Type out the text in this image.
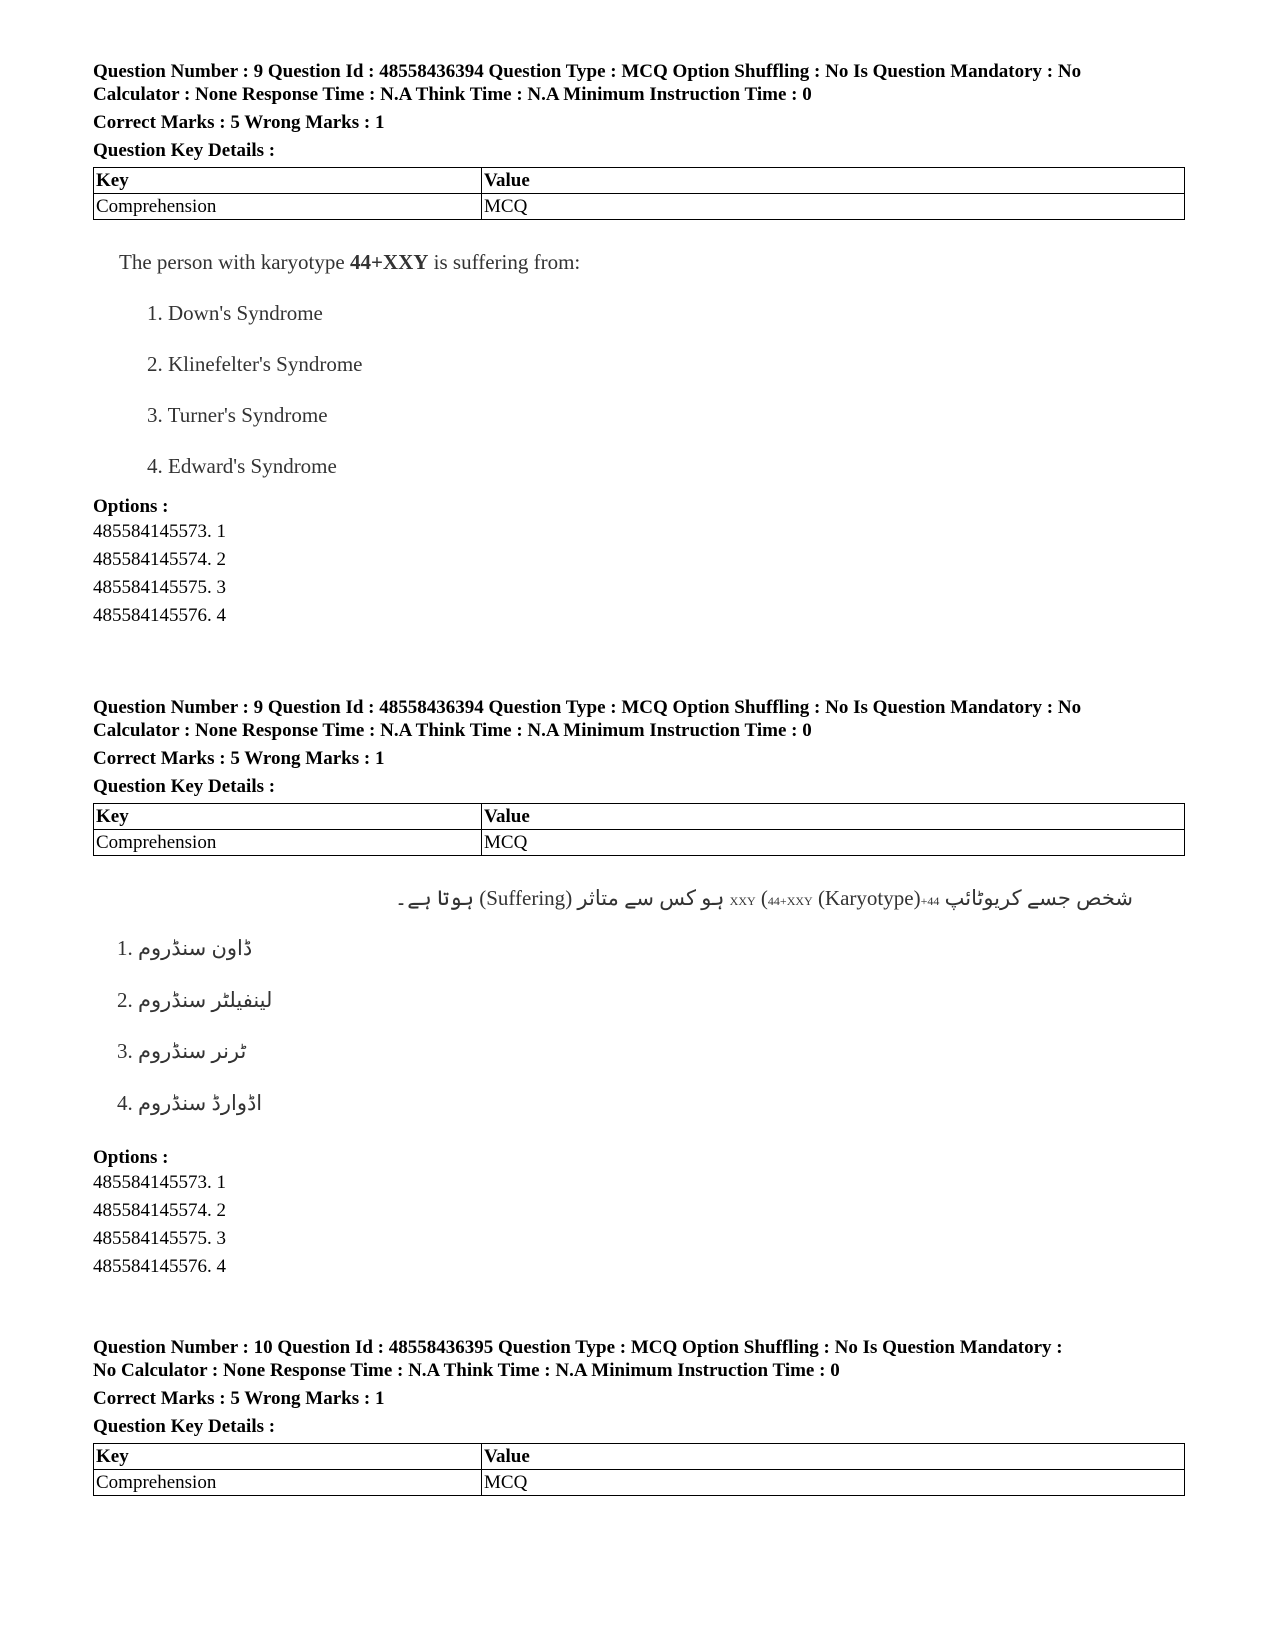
Question Number : 9 Question Id : 48558436394 Question Type : MCQ Option Shuffling : No Is Question Mandatory : No

Calculator : None Response Time : N.A Think Time : N.A Minimum Instruction Time : 0

Correct Marks : 5 Wrong Marks : 1

Question Key Details :

Key	Value
Comprehension	MCQ
The person with karyotype 44+XXY is suffering from:
1. Down's Syndrome
2. Klinefelter's Syndrome
3. Turner's Syndrome
4. Edward's Syndrome

Options :

485584145573. 1

485584145574. 2

485584145575. 3

485584145576. 4

Question Number : 9 Question Id : 48558436394 Question Type : MCQ Option Shuffling : No Is Question Mandatory : No

Calculator : None Response Time : N.A Think Time : N.A Minimum Instruction Time : 0

Correct Marks : 5 Wrong Marks : 1

Question Key Details :

Key	Value
Comprehension	MCQ
شخص جسے کریوٹائپ 44+XXY (44+XXY (Karyotype) ہو کس سے متاثر (Suffering) ہوتا ہے۔
1. ڈاون سنڈروم
2. لینفیلٹر سنڈروم
3. ٹرنر سنڈروم
4. اڈوارڈ سنڈروم

Options :

485584145573. 1

485584145574. 2

485584145575. 3

485584145576. 4

Question Number : 10 Question Id : 48558436395 Question Type : MCQ Option Shuffling : No Is Question Mandatory :

No Calculator : None Response Time : N.A Think Time : N.A Minimum Instruction Time : 0

Correct Marks : 5 Wrong Marks : 1

Question Key Details :

Key	Value
Comprehension	MCQ
